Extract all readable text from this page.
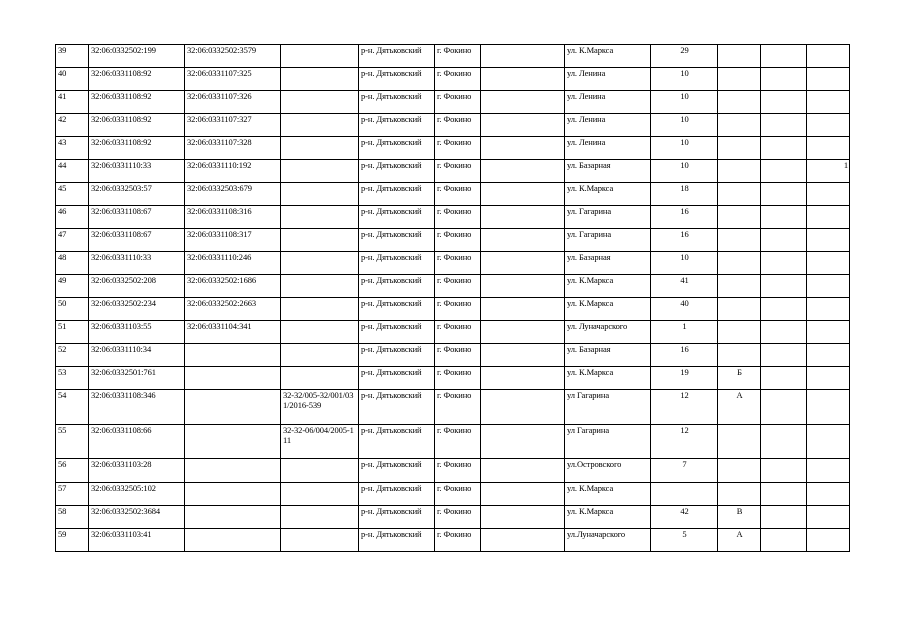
39	32:06:0332502:199	32:06:0332502:3579		р-н. Дятьковский	г. Фокино		ул. К.Маркса	29			
40	32:06:0331108:92	32:06:0331107:325		р-н. Дятьковский	г. Фокино		ул. Ленина	10			
41	32:06:0331108:92	32:06:0331107:326		р-н. Дятьковский	г. Фокино		ул. Ленина	10			
42	32:06:0331108:92	32:06:0331107:327		р-н. Дятьковский	г. Фокино		ул. Ленина	10			
43	32:06:0331108:92	32:06:0331107:328		р-н. Дятьковский	г. Фокино		ул. Ленина	10			
44	32:06:0331110:33	32:06:0331110:192		р-н. Дятьковский	г. Фокино		ул. Базарная	10			1
45	32:06:0332503:57	32:06:0332503:679		р-н. Дятьковский	г. Фокино		ул. К.Маркса	18			
46	32:06:0331108:67	32:06:0331108:316		р-н. Дятьковский	г. Фокино		ул. Гагарина	16			
47	32:06:0331108:67	32:06:0331108:317		р-н. Дятьковский	г. Фокино		ул. Гагарина	16			
48	32:06:0331110:33	32:06:0331110:246		р-н. Дятьковский	г. Фокино		ул. Базарная	10			
49	32:06:0332502:208	32:06:0332502:1686		р-н. Дятьковский	г. Фокино		ул. К.Маркса	41			
50	32:06:0332502:234	32:06:0332502:2663		р-н. Дятьковский	г. Фокино		ул. К.Маркса	40			
51	32:06:0331103:55	32:06:0331104:341		р-н. Дятьковский	г. Фокино		ул. Луначарского	1			
52	32:06:0331110:34			р-н. Дятьковский	г. Фокино		ул. Базарная	16			
53	32:06:0332501:761			р-н. Дятьковский	г. Фокино		ул. К.Маркса	19	Б		
54	32:06:0331108:346		32-32/005-32/001/031/2016-539	р-н. Дятьковский	г. Фокино		ул Гагарина	12	А		
55	32:06:0331108:66		32-32-06/004/2005-111	р-н. Дятьковский	г. Фокино		ул Гагарина	12			
56	32:06:0331103:28			р-н. Дятьковский	г. Фокино		ул.Островского	7			
57	32:06:0332505:102			р-н. Дятьковский	г. Фокино		ул. К.Маркса				
58	32:06:0332502:3684			р-н. Дятьковский	г. Фокино		ул. К.Маркса	42	В		
59	32:06:0331103:41			р-н. Дятьковский	г. Фокино		ул.Луначарского	5	А		
